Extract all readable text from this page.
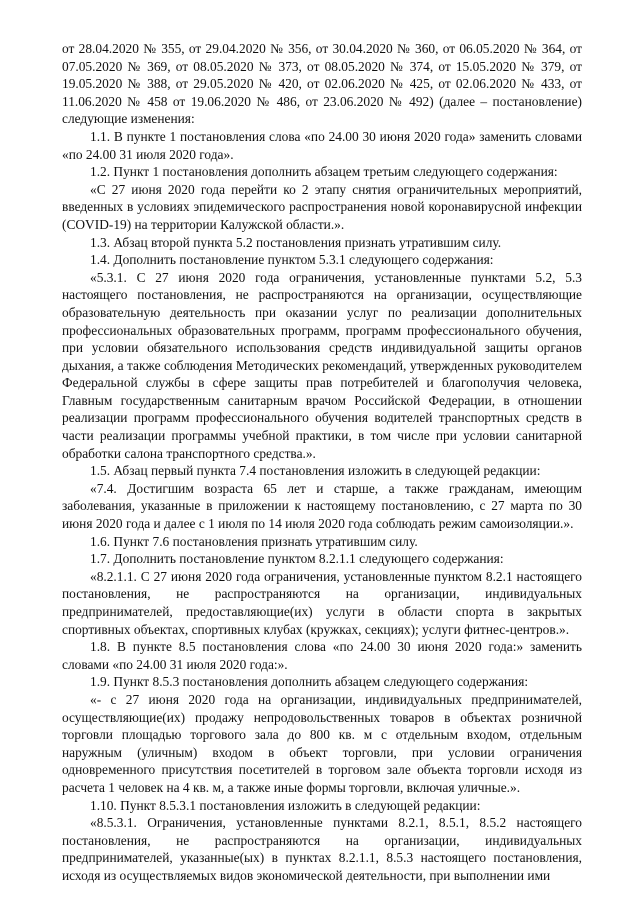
от 28.04.2020 № 355, от 29.04.2020 № 356, от 30.04.2020 № 360, от 06.05.2020 № 364, от 07.05.2020 № 369, от 08.05.2020 № 373, от 08.05.2020 № 374, от 15.05.2020 № 379, от 19.05.2020 № 388, от 29.05.2020 № 420, от 02.06.2020 № 425, от 02.06.2020 № 433, от 11.06.2020 № 458 от 19.06.2020 № 486, от 23.06.2020 № 492) (далее – постановление) следующие изменения:

1.1. В пункте 1 постановления слова «по 24.00 30 июня 2020 года» заменить словами «по 24.00 31 июля 2020 года».

1.2. Пункт 1 постановления дополнить абзацем третьим следующего содержания:

«С 27 июня 2020 года перейти ко 2 этапу снятия ограничительных мероприятий, введенных в условиях эпидемического распространения новой коронавирусной инфекции (COVID-19) на территории Калужской области.».

1.3. Абзац второй пункта 5.2 постановления признать утратившим силу.

1.4. Дополнить постановление пунктом 5.3.1 следующего содержания:

«5.3.1. С 27 июня 2020 года ограничения, установленные пунктами 5.2, 5.3 настоящего постановления, не распространяются на организации, осуществляющие образовательную деятельность при оказании услуг по реализации дополнительных профессиональных образовательных программ, программ профессионального обучения, при условии обязательного использования средств индивидуальной защиты органов дыхания, а также соблюдения Методических рекомендаций, утвержденных руководителем Федеральной службы в сфере защиты прав потребителей и благополучия человека, Главным государственным санитарным врачом Российской Федерации, в отношении реализации программ профессионального обучения водителей транспортных средств в части реализации программы учебной практики, в том числе при условии санитарной обработки салона транспортного средства.».

1.5. Абзац первый пункта 7.4 постановления изложить в следующей редакции:

«7.4. Достигшим возраста 65 лет и старше, а также гражданам, имеющим заболевания, указанные в приложении к настоящему постановлению, с 27 марта по 30 июня 2020 года и далее с 1 июля по 14 июля 2020 года соблюдать режим самоизоляции.».

1.6. Пункт 7.6 постановления признать утратившим силу.

1.7. Дополнить постановление пунктом 8.2.1.1 следующего содержания:

«8.2.1.1. С 27 июня 2020 года ограничения, установленные пунктом 8.2.1 настоящего постановления, не распространяются на организации, индивидуальных предпринимателей, предоставляющие(их) услуги в области спорта в закрытых спортивных объектах, спортивных клубах (кружках, секциях); услуги фитнес-центров.».

1.8. В пункте 8.5 постановления слова «по 24.00 30 июня 2020 года:» заменить словами «по 24.00 31 июля 2020 года:».

1.9. Пункт 8.5.3 постановления дополнить абзацем следующего содержания:

«- с 27 июня 2020 года на организации, индивидуальных предпринимателей, осуществляющие(их) продажу непродовольственных товаров в объектах розничной торговли площадью торгового зала до 800 кв. м с отдельным входом, отдельным наружным (уличным) входом в объект торговли, при условии ограничения одновременного присутствия посетителей в торговом зале объекта торговли исходя из расчета 1 человек на 4 кв. м, а также иные формы торговли, включая уличные.».

1.10. Пункт 8.5.3.1 постановления изложить в следующей редакции:

«8.5.3.1. Ограничения, установленные пунктами 8.2.1, 8.5.1, 8.5.2 настоящего постановления, не распространяются на организации, индивидуальных предпринимателей, указанные(ых) в пунктах 8.2.1.1, 8.5.3 настоящего постановления, исходя из осуществляемых видов экономической деятельности, при выполнении ими
